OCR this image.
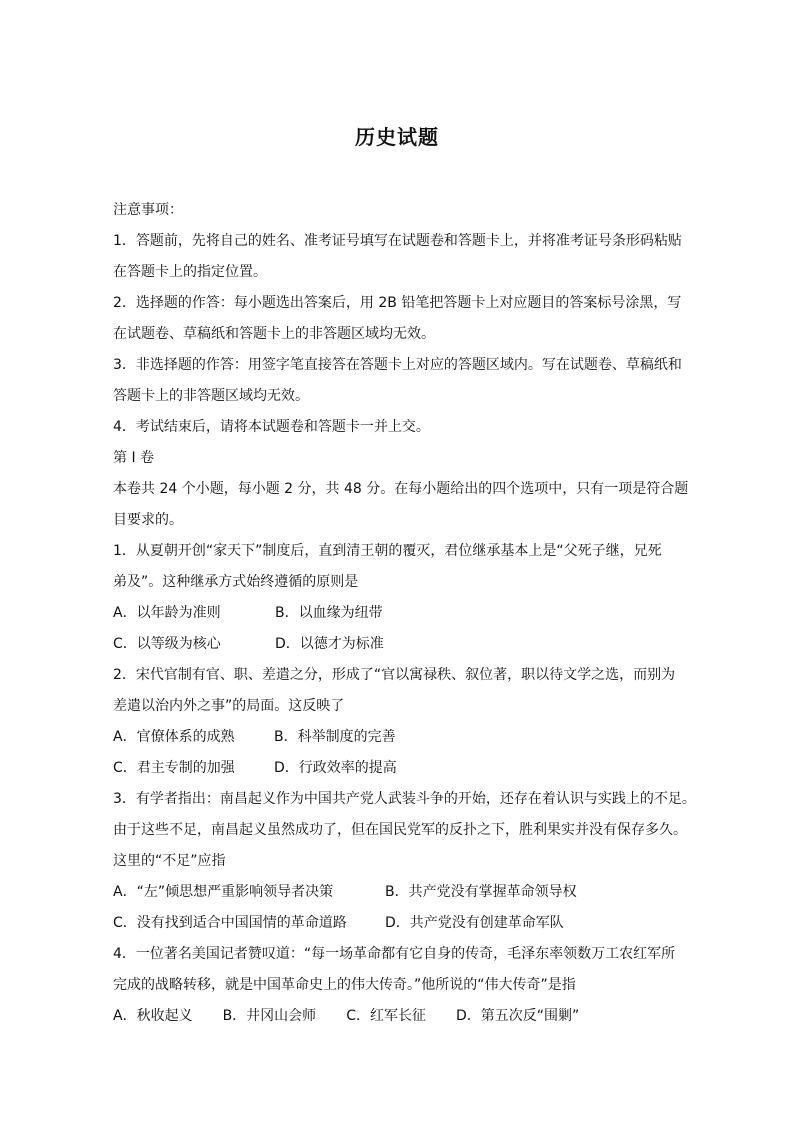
历史试题
注意事项：
1．答题前，先将自己的姓名、准考证号填写在试题卷和答题卡上，并将准考证号条形码粘贴
在答题卡上的指定位置。
2．选择题的作答：每小题选出答案后，用 2B 铅笔把答题卡上对应题目的答案标号涂黑，写
在试题卷、草稿纸和答题卡上的非答题区域均无效。
3．非选择题的作答：用签字笔直接答在答题卡上对应的答题区域内。写在试题卷、草稿纸和
答题卡上的非答题区域均无效。
4．考试结束后，请将本试题卷和答题卡一并上交。
第 I 卷
本卷共 24 个小题，每小题 2 分，共 48 分。在每小题给出的四个选项中，只有一项是符合题
目要求的。
1．从夏朝开创“家天下”制度后，直到清王朝的覆灭，君位继承基本上是“父死子继，兄死
弟及”。这种继承方式始终遵循的原则是
A．以年龄为准则	B．以血缘为纽带
C．以等级为核心	D．以德才为标准
2．宋代官制有官、职、差遣之分，形成了“官以寓禄秩、叙位著，职以待文学之选，而别为
差遣以治内外之事”的局面。这反映了
A．官僚体系的成熟	B．科举制度的完善
C．君主专制的加强	D．行政效率的提高
3．有学者指出：南昌起义作为中国共产党人武装斗争的开始，还存在着认识与实践上的不足。
由于这些不足，南昌起义虽然成功了，但在国民党军的反扑之下，胜利果实并没有保存多久。
这里的“不足”应指
A．“左”倾思想严重影响领导者决策	B．共产党没有掌握革命领导权
C．没有找到适合中国国情的革命道路	D．共产党没有创建革命军队
4．一位著名美国记者赞叹道：“每一场革命都有它自身的传奇，毛泽东率领数万工农红军所
完成的战略转移，就是中国革命史上的伟大传奇。”他所说的“伟大传奇”是指
A．秋收起义 B．井冈山会师 C．红军长征 D．第五次反“围剿”
